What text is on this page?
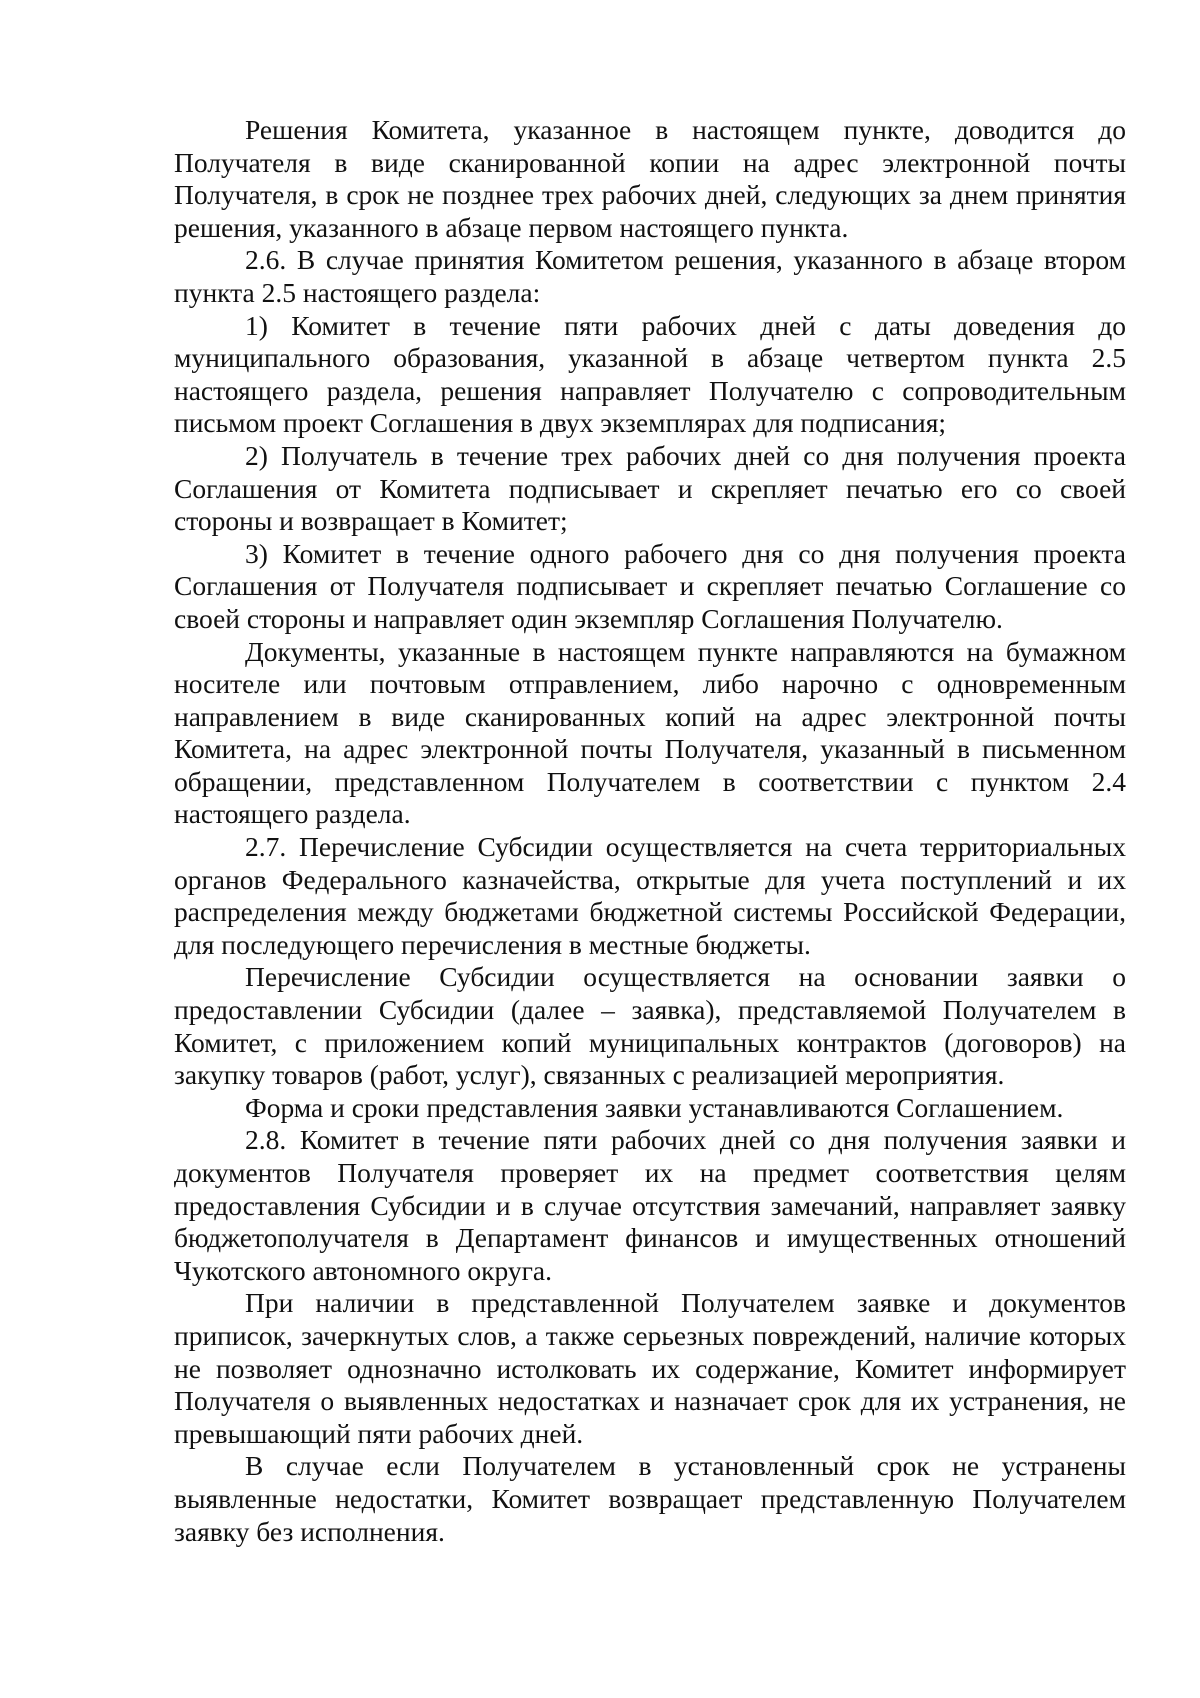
Решения Комитета, указанное в настоящем пункте, доводится до Получателя в виде сканированной копии на адрес электронной почты Получателя, в срок не позднее трех рабочих дней, следующих за днем принятия решения, указанного в абзаце первом настоящего пункта.

2.6. В случае принятия Комитетом решения, указанного в абзаце втором пункта 2.5 настоящего раздела:

1) Комитет в течение пяти рабочих дней с даты доведения до муниципального образования, указанной в абзаце четвертом пункта 2.5 настоящего раздела, решения направляет Получателю с сопроводительным письмом проект Соглашения в двух экземплярах для подписания;

2) Получатель в течение трех рабочих дней со дня получения проекта Соглашения от Комитета подписывает и скрепляет печатью его со своей стороны и возвращает в Комитет;

3) Комитет в течение одного рабочего дня со дня получения проекта Соглашения от Получателя подписывает и скрепляет печатью Соглашение со своей стороны и направляет один экземпляр Соглашения Получателю.

Документы, указанные в настоящем пункте направляются на бумажном носителе или почтовым отправлением, либо нарочно с одновременным направлением в виде сканированных копий на адрес электронной почты Комитета, на адрес электронной почты Получателя, указанный в письменном обращении, представленном Получателем в соответствии с пунктом 2.4 настоящего раздела.

2.7. Перечисление Субсидии осуществляется на счета территориальных органов Федерального казначейства, открытые для учета поступлений и их распределения между бюджетами бюджетной системы Российской Федерации, для последующего перечисления в местные бюджеты.

Перечисление Субсидии осуществляется на основании заявки о предоставлении Субсидии (далее – заявка), представляемой Получателем в Комитет, с приложением копий муниципальных контрактов (договоров) на закупку товаров (работ, услуг), связанных с реализацией мероприятия.

Форма и сроки представления заявки устанавливаются Соглашением.

2.8. Комитет в течение пяти рабочих дней со дня получения заявки и документов Получателя проверяет их на предмет соответствия целям предоставления Субсидии и в случае отсутствия замечаний, направляет заявку бюджетополучателя в Департамент финансов и имущественных отношений Чукотского автономного округа.

При наличии в представленной Получателем заявке и документов приписок, зачеркнутых слов, а также серьезных повреждений, наличие которых не позволяет однозначно истолковать их содержание, Комитет информирует Получателя о выявленных недостатках и назначает срок для их устранения, не превышающий пяти рабочих дней.

В случае если Получателем в установленный срок не устранены выявленные недостатки, Комитет возвращает представленную Получателем заявку без исполнения.
